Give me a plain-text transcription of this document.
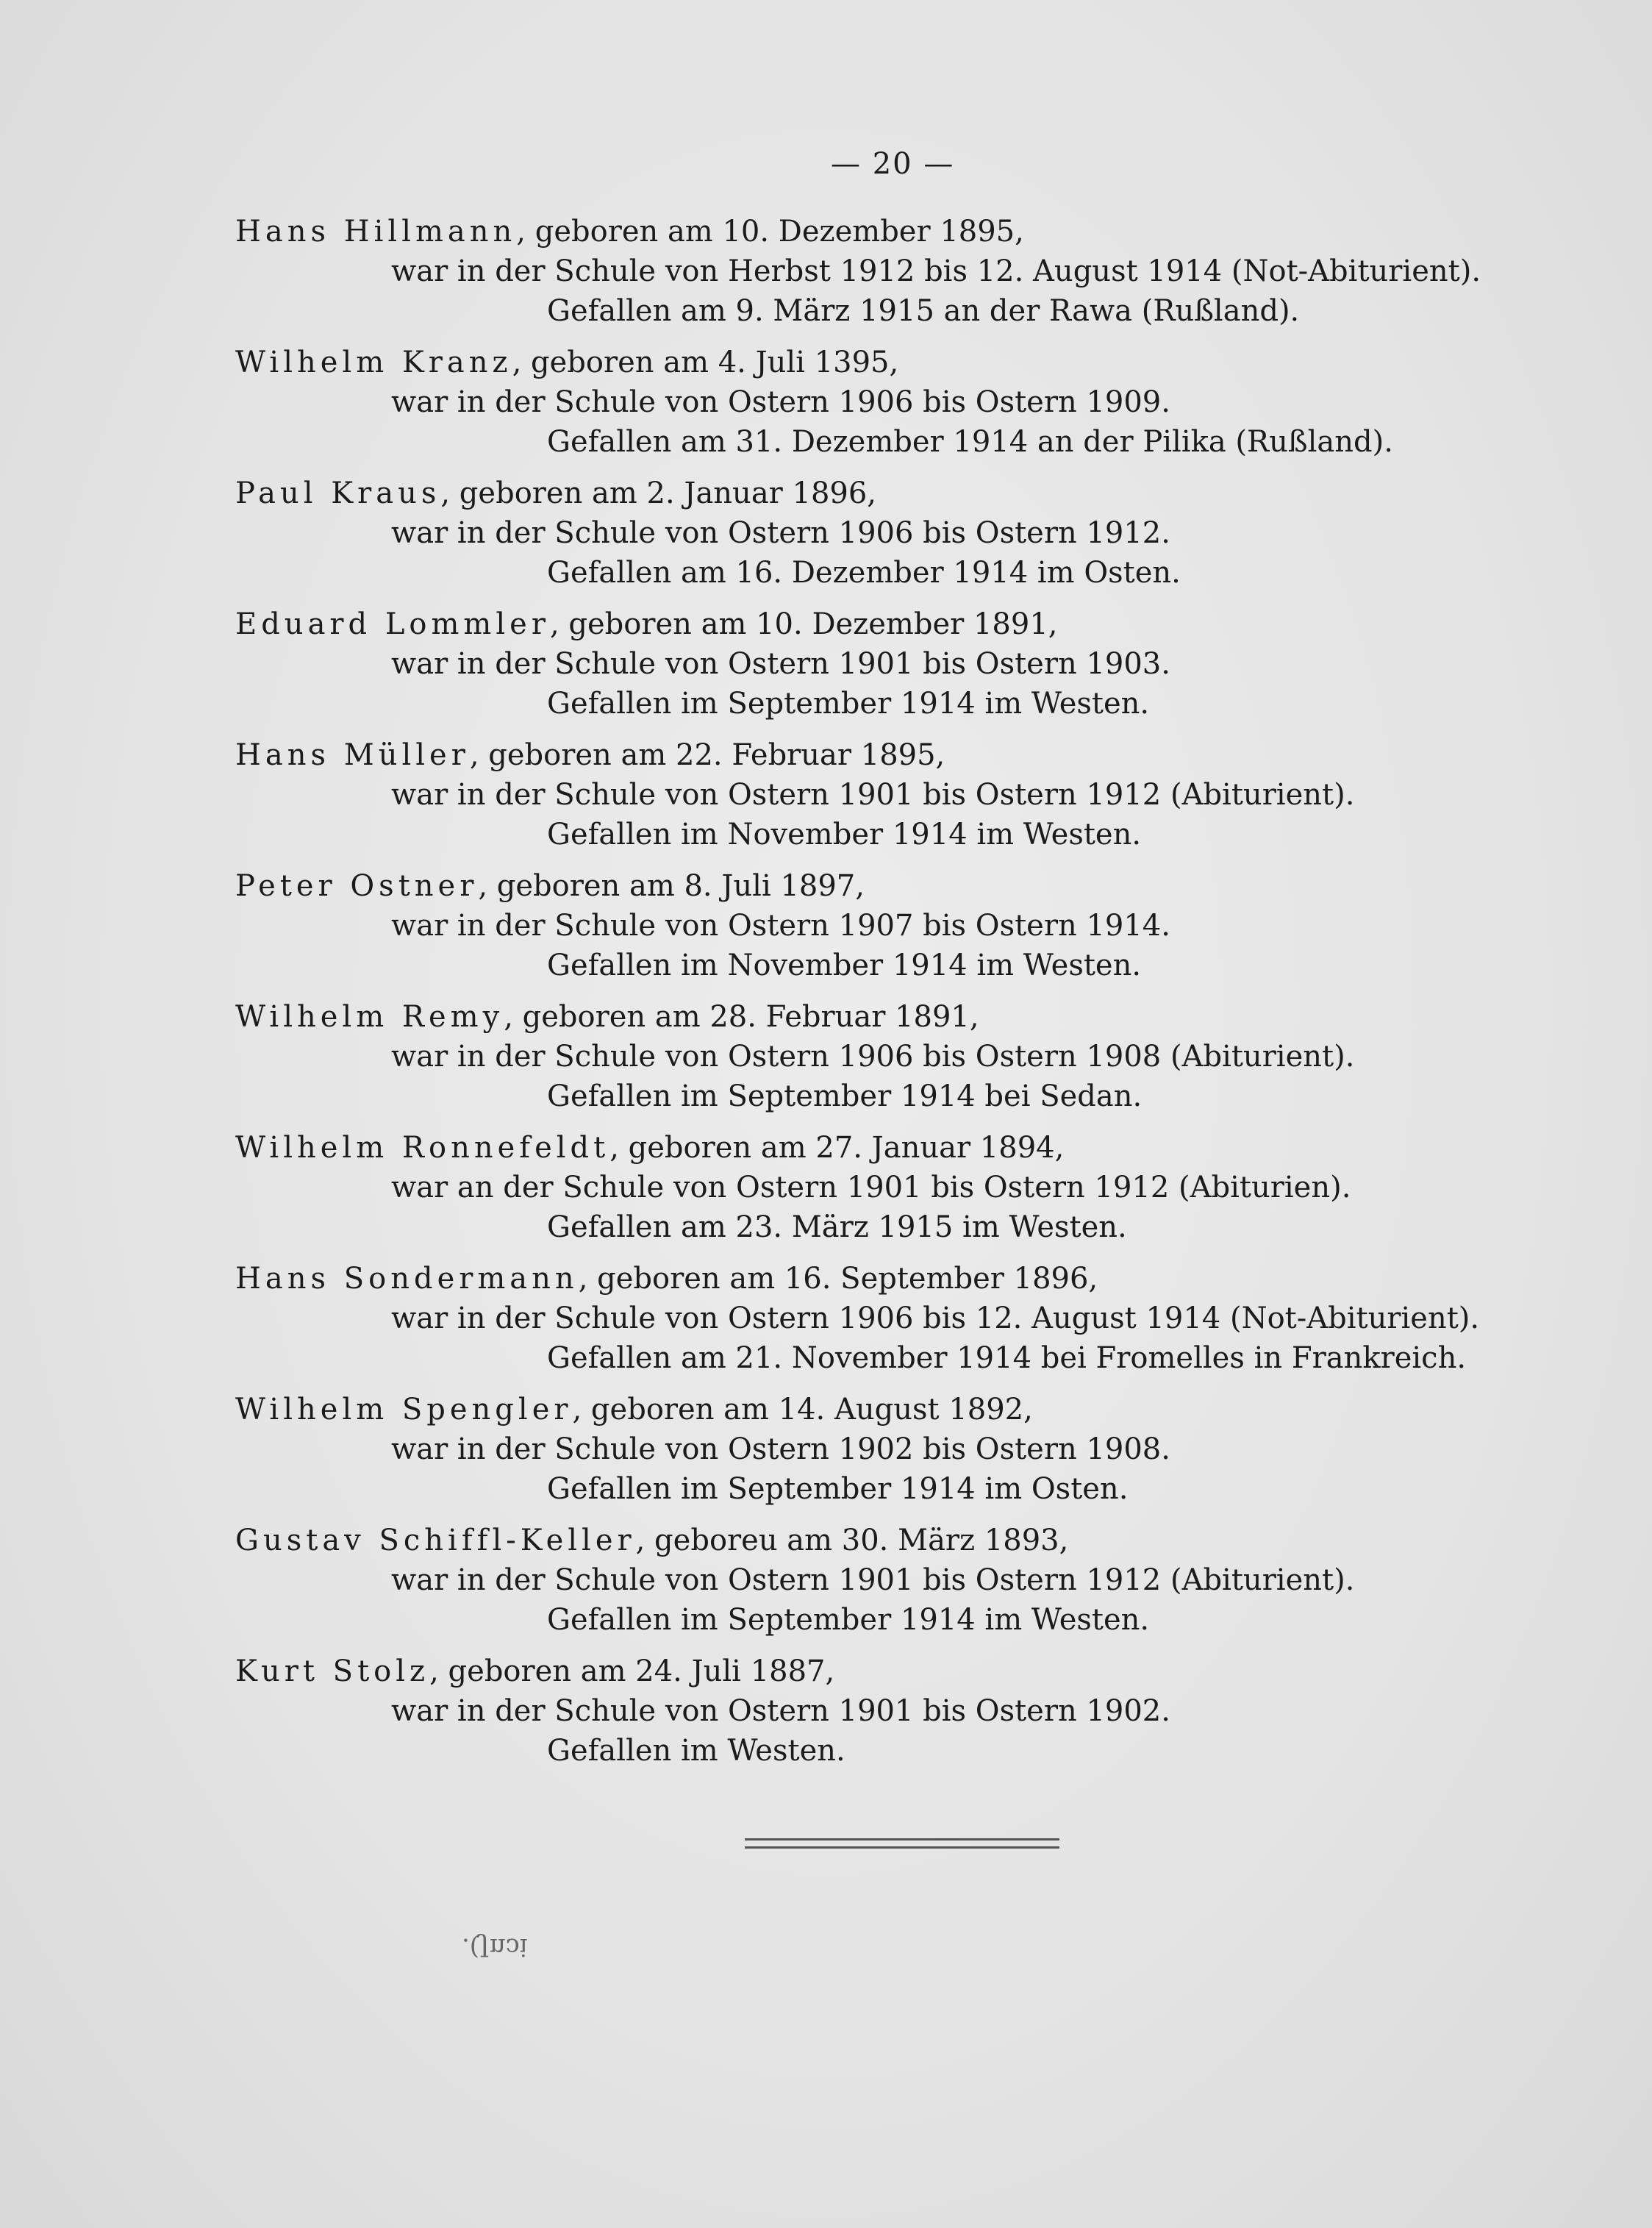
— 20 —
Hans Hillmann, geboren am 10. Dezember 1895,
war in der Schule von Herbst 1912 bis 12. August 1914 (Not-Abiturient).
Gefallen am 9. März 1915 an der Rawa (Rußland).
Wilhelm Kranz, geboren am 4. Juli 1395,
war in der Schule von Ostern 1906 bis Ostern 1909.
Gefallen am 31. Dezember 1914 an der Pilika (Rußland).
Paul Kraus, geboren am 2. Januar 1896,
war in der Schule von Ostern 1906 bis Ostern 1912.
Gefallen am 16. Dezember 1914 im Osten.
Eduard Lommler, geboren am 10. Dezember 1891,
war in der Schule von Ostern 1901 bis Ostern 1903.
Gefallen im September 1914 im Westen.
Hans Müller, geboren am 22. Februar 1895,
war in der Schule von Ostern 1901 bis Ostern 1912 (Abiturient).
Gefallen im November 1914 im Westen.
Peter Ostner, geboren am 8. Juli 1897,
war in der Schule von Ostern 1907 bis Ostern 1914.
Gefallen im November 1914 im Westen.
Wilhelm Remy, geboren am 28. Februar 1891,
war in der Schule von Ostern 1906 bis Ostern 1908 (Abiturient).
Gefallen im September 1914 bei Sedan.
Wilhelm Ronnefeldt, geboren am 27. Januar 1894,
war an der Schule von Ostern 1901 bis Ostern 1912 (Abiturien).
Gefallen am 23. März 1915 im Westen.
Hans Sondermann, geboren am 16. September 1896,
war in der Schule von Ostern 1906 bis 12. August 1914 (Not-Abiturient).
Gefallen am 21. November 1914 bei Fromelles in Frankreich.
Wilhelm Spengler, geboren am 14. August 1892,
war in der Schule von Ostern 1902 bis Ostern 1908.
Gefallen im September 1914 im Osten.
Gustav Schiffl-Keller, geboreu am 30. März 1893,
war in der Schule von Ostern 1901 bis Ostern 1912 (Abiturient).
Gefallen im September 1914 im Westen.
Kurt Stolz, geboren am 24. Juli 1887,
war in der Schule von Ostern 1901 bis Ostern 1902.
Gefallen im Westen.
.(Jnɔi
